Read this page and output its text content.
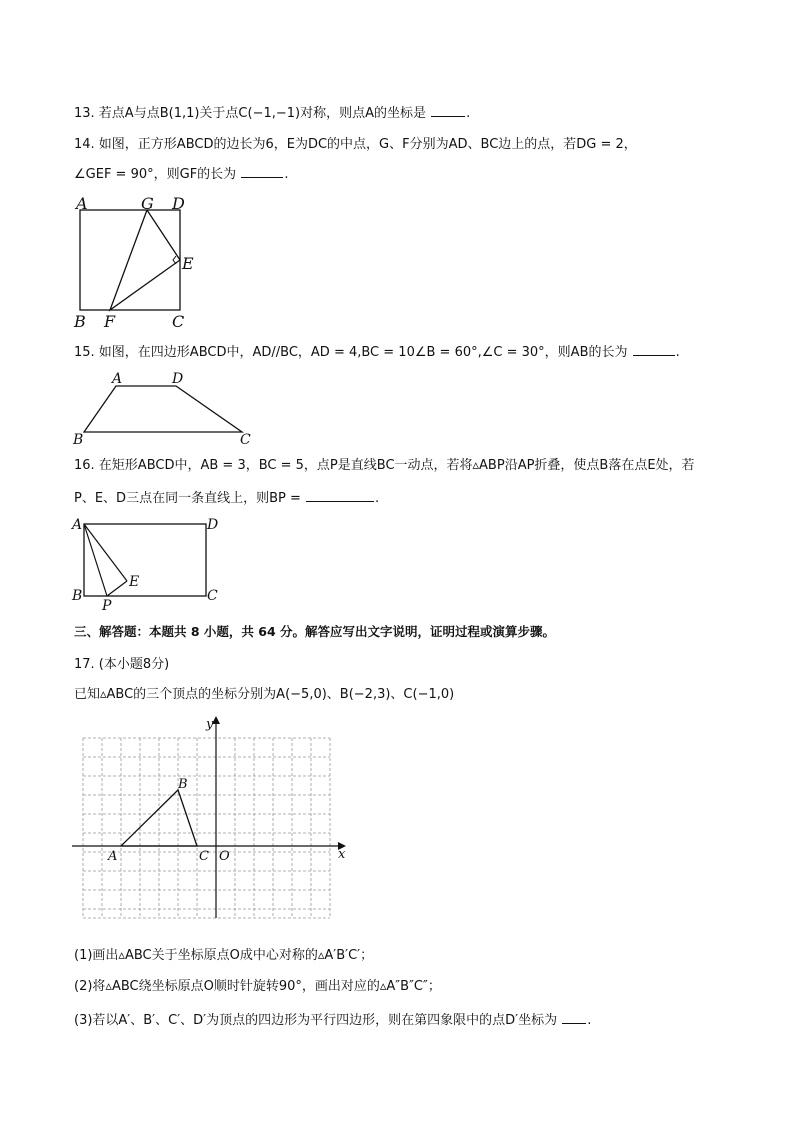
13. 若点A与点B(1,1)关于点C(−1,−1)对称，则点A的坐标是	.
14. 如图，正方形ABCD的边长为6，E为DC的中点，G、F分别为AD、BC边上的点，若DG = 2，
∠GEF = 90°，则GF的长为	.
A	G D
E
B F	C
15. 如图，在四边形ABCD中，AD//BC，AD = 4,BC = 10∠B = 60°,∠C = 30°，则AB的长为	.
A	D
B	C
16. 在矩形ABCD中，AB = 3，BC = 5，点P是直线BC一动点，若将▵ABP沿AP折叠，使点B落在点E处，若
P、E、D三点在同一条直线上，则BP =	.
A	D
E
B
P
C
三、解答题：本题共 8 小题，共 64 分。解答应写出文字说明，证明过程或演算步骤。
17. (本小题8分)
已知▵ABC的三个顶点的坐标分别为A(−5,0)、B(−2,3)、C(−1,0)
y
x
O
A
B
C
(1)画出▵ABC关于坐标原点O成中心对称的▵A′B′C′；
(2)将▵ABC绕坐标原点O顺时针旋转90°，画出对应的▵A″B″C″；
(3)若以A′、B′、C′、D′为顶点的四边形为平行四边形，则在第四象限中的点D′坐标为 .
